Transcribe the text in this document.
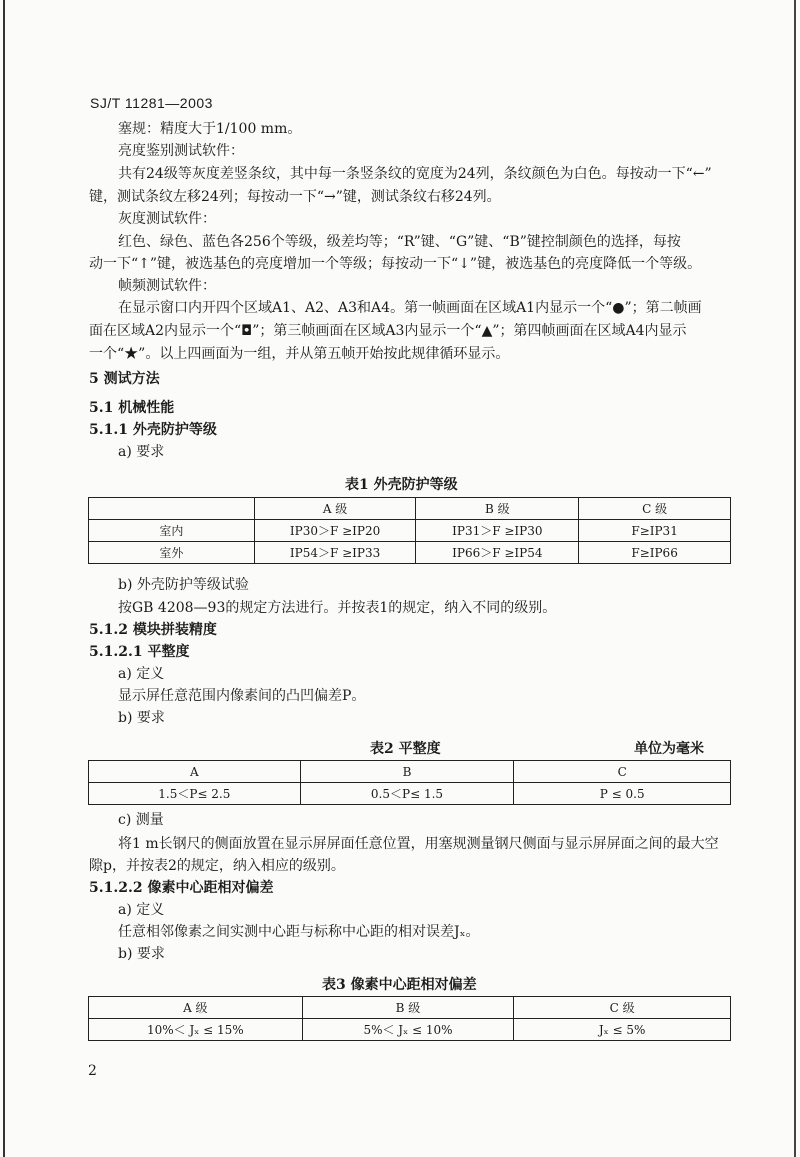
SJ/T 11281—2003
塞规：精度大于1/100 mm。
亮度鉴别测试软件：
共有24级等灰度差竖条纹，其中每一条竖条纹的宽度为24列，条纹颜色为白色。每按动一下“←”
键，测试条纹左移24列；每按动一下“→”键，测试条纹右移24列。
灰度测试软件：
红色、绿色、蓝色各256个等级，级差均等；“R”键、“G”键、“B”键控制颜色的选择，每按
动一下“↑”键，被选基色的亮度增加一个等级；每按动一下“↓”键，被选基色的亮度降低一个等级。
帧频测试软件：
在显示窗口内开四个区域A1、A2、A3和A4。第一帧画面在区域A1内显示一个“●”；第二帧画
面在区域A2内显示一个“◘”；第三帧画面在区域A3内显示一个“▲”；第四帧画面在区域A4内显示
一个“★”。以上四画面为一组，并从第五帧开始按此规律循环显示。
5 测试方法
5.1 机械性能
5.1.1 外壳防护等级
a) 要求
表1 外壳防护等级
	A 级	B 级	C 级
室内	IP30＞F ≥IP20	IP31＞F ≥IP30	F≥IP31
室外	IP54＞F ≥IP33	IP66＞F ≥IP54	F≥IP66
b) 外壳防护等级试验
按GB 4208—93的规定方法进行。并按表1的规定，纳入不同的级别。
5.1.2 模块拼装精度
5.1.2.1 平整度
a) 定义
显示屏任意范围内像素间的凸凹偏差P。
b) 要求
表2 平整度	单位为毫米
A	B	C
1.5＜P≤ 2.5	0.5＜P≤ 1.5	P ≤ 0.5
c) 测量
将1 m长钢尺的侧面放置在显示屏屏面任意位置，用塞规测量钢尺侧面与显示屏屏面之间的最大空
隙p，并按表2的规定，纳入相应的级别。
5.1.2.2 像素中心距相对偏差
a) 定义
任意相邻像素之间实测中心距与标称中心距的相对误差Jₓ。
b) 要求
表3 像素中心距相对偏差
A 级	B 级	C 级
10%＜ Jₓ ≤ 15%	5%＜ Jₓ ≤ 10%	Jₓ ≤ 5%
2
